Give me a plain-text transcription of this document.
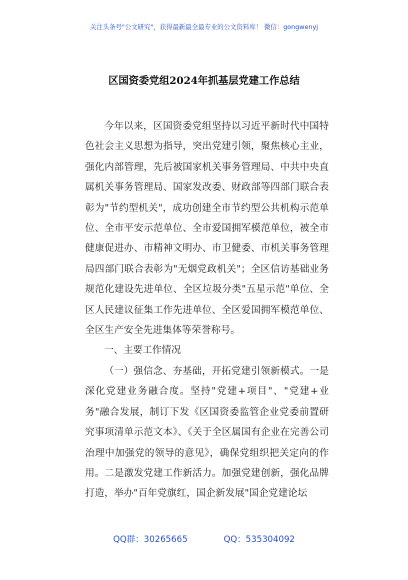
关注头条号"公文研究"，获得最新最全最专业的公文资料库！ 微信：gongwenyj
区国资委党组2024年抓基层党建工作总结

今年以来，区国资委党组坚持以习近平新时代中国特色社会主义思想为指导，突出党建引领，聚焦核心主业，强化内部管理，先后被国家机关事务管理局、中共中央直属机关事务管理局、国家发改委、财政部等四部门联合表彰为"节约型机关"，成功创建全市节约型公共机构示范单位、全市平安示范单位、全市爱国拥军模范单位，被全市健康促进办、市精神文明办、市卫健委、市机关事务管理局四部门联合表彰为"无烟党政机关"；全区信访基础业务规范化建设先进单位、全区垃圾分类"五星示范"单位、全区人民建议征集工作先进单位、全区爱国拥军模范单位、全区生产安全先进集体等荣誉称号。

一、主要工作情况

（一）强信念、夯基础，开拓党建引领新模式。一是深化党建业务融合度。坚持"党建+项目"、"党建+业务"融合发展，制订下发《区国资委监管企业党委前置研究事项清单示范文本》、《关于全区属国有企业在完善公司治理中加强党的领导的意见》，确保党组织把关定向的作用。二是激发党建工作新活力。加强党建创新，强化品牌打造，举办"百年党旗红，国企新发展"国企党建论坛

QQ群：30265665	QQ：535304092
